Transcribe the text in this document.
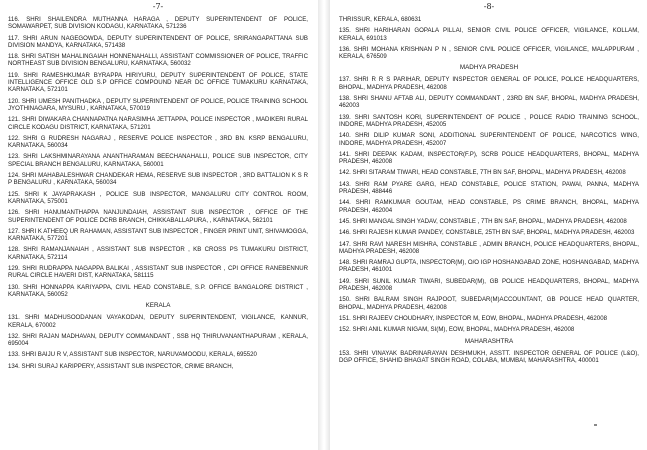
-7-

116. SHRI SHAILENDRA MUTHANNA HARAGA , DEPUTY SUPERINTENDENT OF POLICE, SOMAWARPET, SUB DIVISION KODAGU, KARNATAKA, 571236

117. SHRI ARUN NAGEGOWDA, DEPUTY SUPERINTENDENT OF POLICE, SRIRANGAPATTANA SUB DIVISION MANDYA, KARNATAKA, 571438

118. SHRI SATISH MAHALINGAIAH HONNENAHALLI, ASSISTANT COMMISSIONER OF POLICE, TRAFFIC NORTHEAST SUB DIVISION BENGALURU, KARNATAKA, 560032

119. SHRI RAMESHKUMAR BYRAPPA HIRIYURU, DEPUTY SUPERINTENDENT OF POLICE, STATE INTELLIGENCE OFFICE OLD S.P OFFICE COMPOUND NEAR DC OFFICE TUMAKURU KARNATAKA, KARNATAKA, 572101

120. SHRI UMESH PANITHADKA , DEPUTY SUPERINTENDENT OF POLICE, POLICE TRAINING SCHOOL JYOTHINAGARA, MYSURU , KARNATAKA, 570019

121. SHRI DIWAKARA CHANNAPATNA NARASIMHA JETTAPPA, POLICE INSPECTOR , MADIKERI RURAL CIRCLE KODAGU DISTRICT, KARNATAKA, 571201

122. SHRI G RUDRESH NAGARAJ , RESERVE POLICE INSPECTOR , 3RD BN. KSRP BENGALURU, KARNATAKA, 560034

123. SHRI LAKSHMINARAYANA ANANTHARAMAN BEECHANAHALLI, POLICE SUB INSPECTOR, CITY SPECIAL BRANCH BENGALURU, KARNATAKA, 560001

124. SHRI MAHABALESHWAR CHANDEKAR HEMA, RESERVE SUB INSPECTOR , 3RD BATTALION K S R P BENGALURU , KARNATAKA, 560034

125. SHRI K JAYAPRAKASH , POLICE SUB INSPECTOR, MANGALURU CITY CONTROL ROOM, KARNATAKA, 575001

126. SHRI HANUMANTHAPPA NANJUNDAIAH, ASSISTANT SUB INSPECTOR , OFFICE OF THE SUPERINTENDENT OF POLICE DCRB BRANCH, CHIKKABALLAPURA, , KARNATAKA, 562101

127. SHRI K ATHEEQ UR RAHAMAN, ASSISTANT SUB INSPECTOR , FINGER PRINT UNIT, SHIVAMOGGA, KARNATAKA, 577201

128. SHRI RAMANJANAIAH , ASSISTANT SUB INSPECTOR , KB CROSS PS TUMAKURU DISTRICT, KARNATAKA, 572114

129. SHRI RUDRAPPA NAGAPPA BALIKAI , ASSISTANT SUB INSPECTOR , CPI OFFICE RANEBENNUR RURAL CIRCLE HAVERI DIST, KARNATAKA, 581115

130. SHRI HONNAPPA KARIYAPPA, CIVIL HEAD CONSTABLE, S.P. OFFICE BANGALORE DISTRICT , KARNATAKA, 560052

KERALA

131. SHRI MADHUSOODANAN VAYAKODAN, DEPUTY SUPERINTENDENT, VIGILANCE, KANNUR, KERALA, 670002

132. SHRI RAJAN MADHAVAN, DEPUTY COMMANDANT , SSB HQ THIRUVANANTHAPURAM , KERALA, 695004

133. SHRI BAIJU R V, ASSISTANT SUB INSPECTOR, NARUVAMOODU, KERALA, 695520

134. SHRI SURAJ KARIPPERY, ASSISTANT SUB INSPECTOR, CRIME BRANCH,

-8-

THRISSUR, KERALA, 680631

135. SHRI HARIHARAN GOPALA PILLAI, SENIOR CIVIL POLICE OFFICER, VIGILANCE, KOLLAM, KERALA, 691013

136. SHRI MOHANA KRISHNAN P N , SENIOR CIVIL POLICE OFFICER, VIGILANCE, MALAPPURAM , KERALA, 676509

MADHYA PRADESH

137. SHRI R R S PARIHAR, DEPUTY INSPECTOR GENERAL OF POLICE, POLICE HEADQUARTERS, BHOPAL, MADHYA PRADESH, 462008

138. SHRI SHANU AFTAB ALI, DEPUTY COMMANDANT , 23RD BN SAF, BHOPAL, MADHYA PRADESH, 462003

139. SHRI SANTOSH KORI, SUPERINTENDENT OF POLICE , POLICE RADIO TRAINING SCHOOL, INDORE, MADHYA PRADESH, 452005

140. SHRI DILIP KUMAR SONI, ADDITIONAL SUPERINTENDENT OF POLICE, NARCOTICS WING, INDORE, MADHYA PRADESH, 452007

141. SHRI DEEPAK KADAM, INSPECTOR(F.P), SCRB POLICE HEADQUARTERS, BHOPAL, MADHYA PRADESH, 462008

142. SHRI SITARAM TIWARI, HEAD CONSTABLE, 7TH BN SAF, BHOPAL, MADHYA PRADESH, 462008

143. SHRI RAM PYARE GARG, HEAD CONSTABLE, POLICE STATION, PAWAI, PANNA, MADHYA PRADESH, 488446

144. SHRI RAMKUMAR GOUTAM, HEAD CONSTABLE, PS CRIME BRANCH, BHOPAL, MADHYA PRADESH, 462004

145. SHRI MANGAL SINGH YADAV, CONSTABLE , 7TH BN SAF, BHOPAL, MADHYA PRADESH, 462008

146. SHRI RAJESH KUMAR PANDEY, CONSTABLE, 25TH BN SAF, BHOPAL, MADHYA PRADESH, 462003

147. SHRI RAVI NARESH MISHRA, CONSTABLE , ADMIN BRANCH, POLICE HEADQUARTERS, BHOPAL, MADHYA PRADESH, 462008

148. SHRI RAMRAJ GUPTA, INSPECTOR(M), O/O IGP HOSHANGABAD ZONE, HOSHANGABAD, MADHYA PRADESH, 461001

149. SHRI SUNIL KUMAR TIWARI, SUBEDAR(M), GB POLICE HEADQUARTERS, BHOPAL, MADHYA PRADESH, 462008

150. SHRI BALRAM SINGH RAJPOOT, SUBEDAR(M)ACCOUNTANT, GB POLICE HEAD QUARTER, BHOPAL, MADHYA PRADESH, 462008

151. SHRI RAJEEV CHOUDHARY, INSPECTOR M, EOW, BHOPAL, MADHYA PRADESH, 462008

152. SHRI ANIL KUMAR NIGAM, SI(M), EOW, BHOPAL, MADHYA PRADESH, 462008

MAHARASHTRA

153. SHRI VINAYAK BADRINARAYAN DESHMUKH, ASSTT. INSPECTOR GENERAL OF POLICE (L&O), DGP OFFICE, SHAHID BHAGAT SINGH ROAD, COLABA, MUMBAI, MAHARASHTRA, 400001
